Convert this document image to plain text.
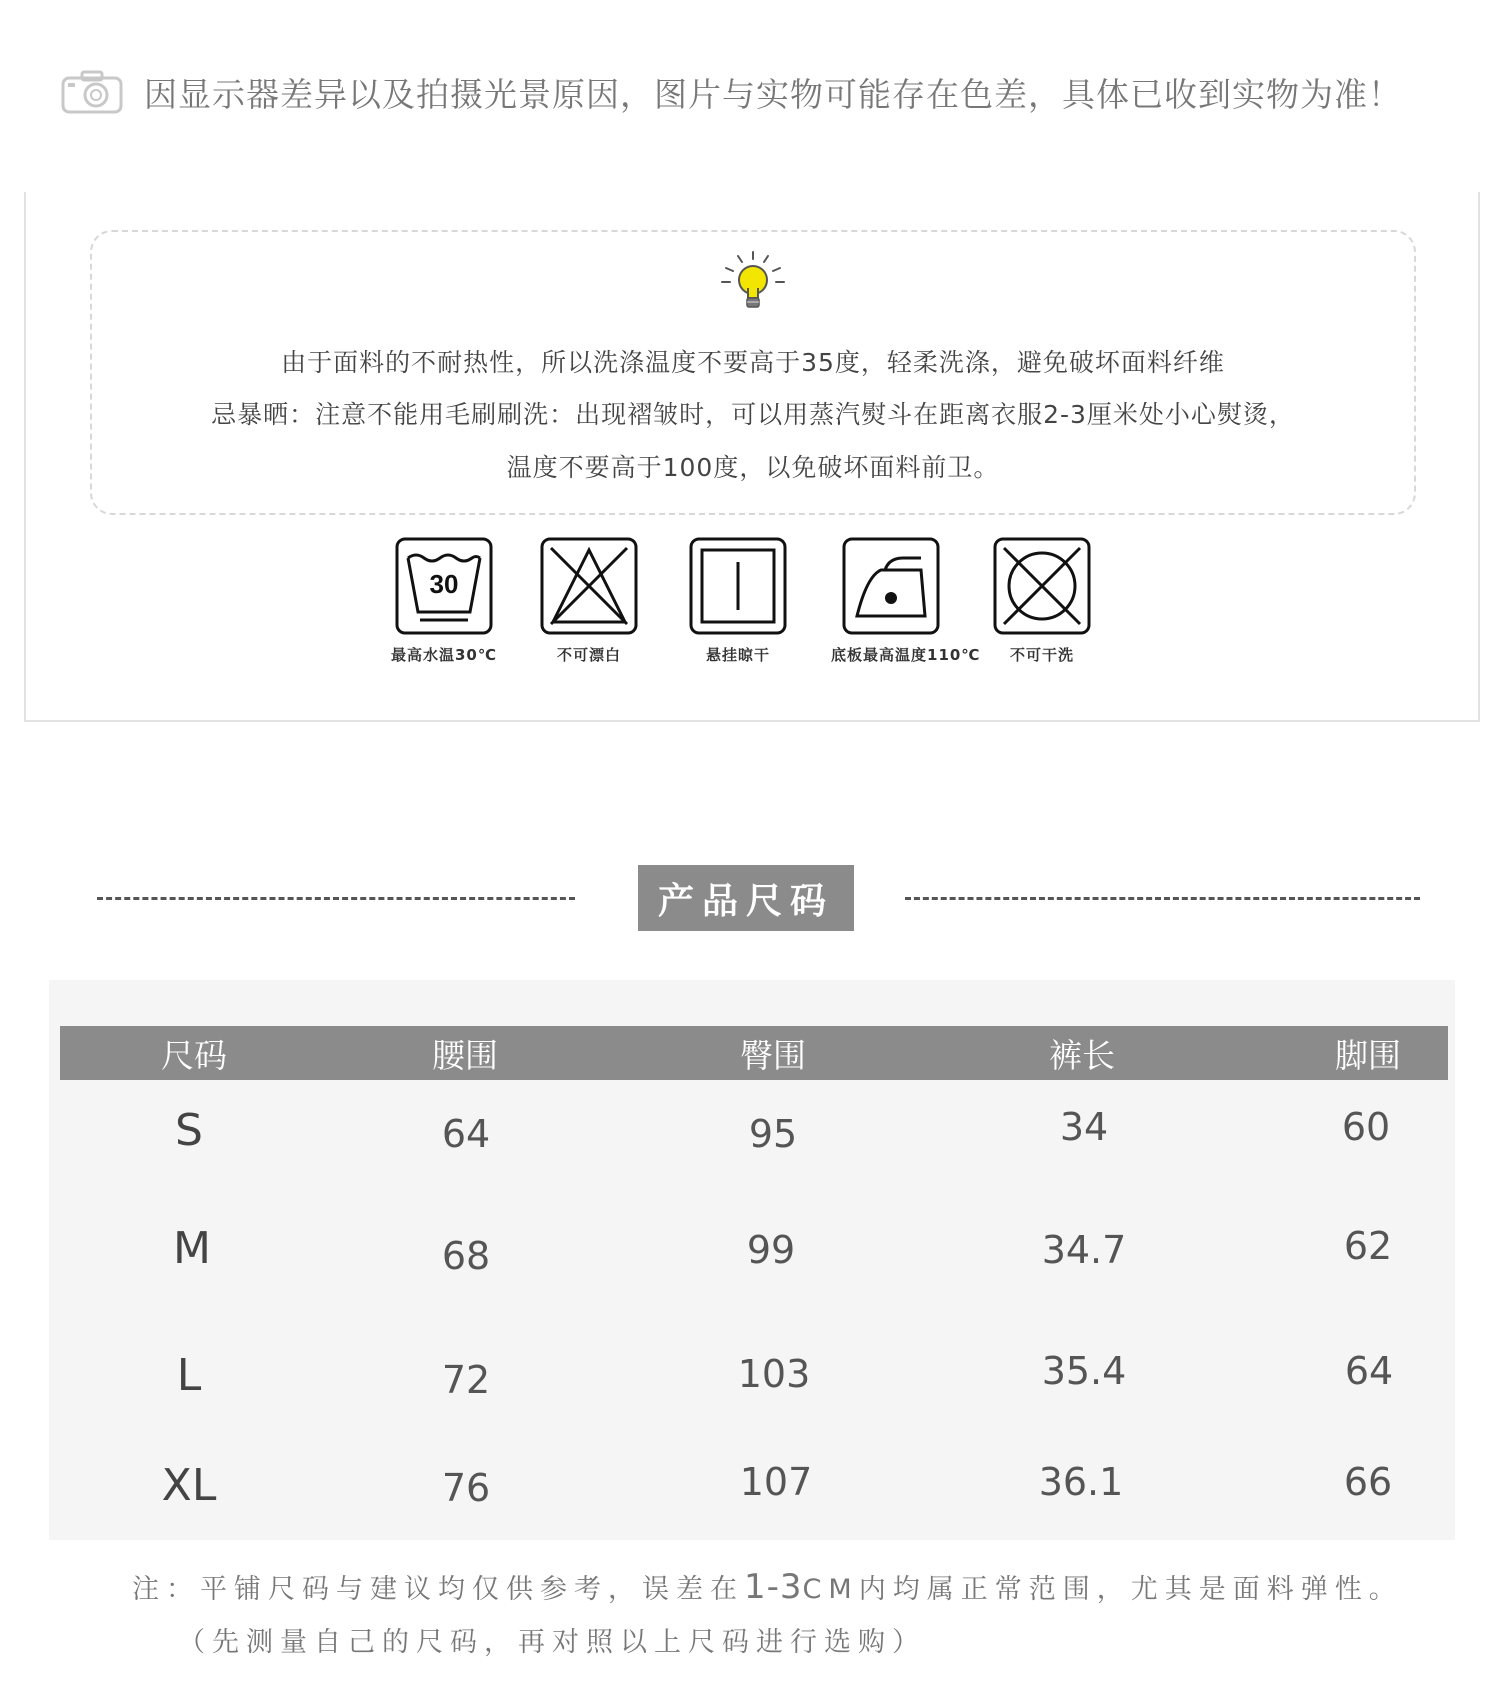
因显示器差异以及拍摄光景原因，图片与实物可能存在色差，具体已收到实物为准！
由于面料的不耐热性，所以洗涤温度不要高于35度，轻柔洗涤，避免破坏面料纤维
忌暴晒：注意不能用毛刷刷洗：出现褶皱时，可以用蒸汽熨斗在距离衣服2-3厘米处小心熨烫，
温度不要高于100度，以免破坏面料前卫。
30
最高水温30℃	不可漂白	悬挂晾干	底板最高温度110℃	不可干洗
产品尺码
尺码	腰围	臀围	裤长	脚围
S	64	95	34	60
M	68	99	34.7	62
L	72	103	35.4	64
XL	76	107	36.1	66
注：平铺尺码与建议均仅供参考，误差在1-3CM内均属正常范围，尤其是面料弹性。
（先测量自己的尺码，再对照以上尺码进行选购）
